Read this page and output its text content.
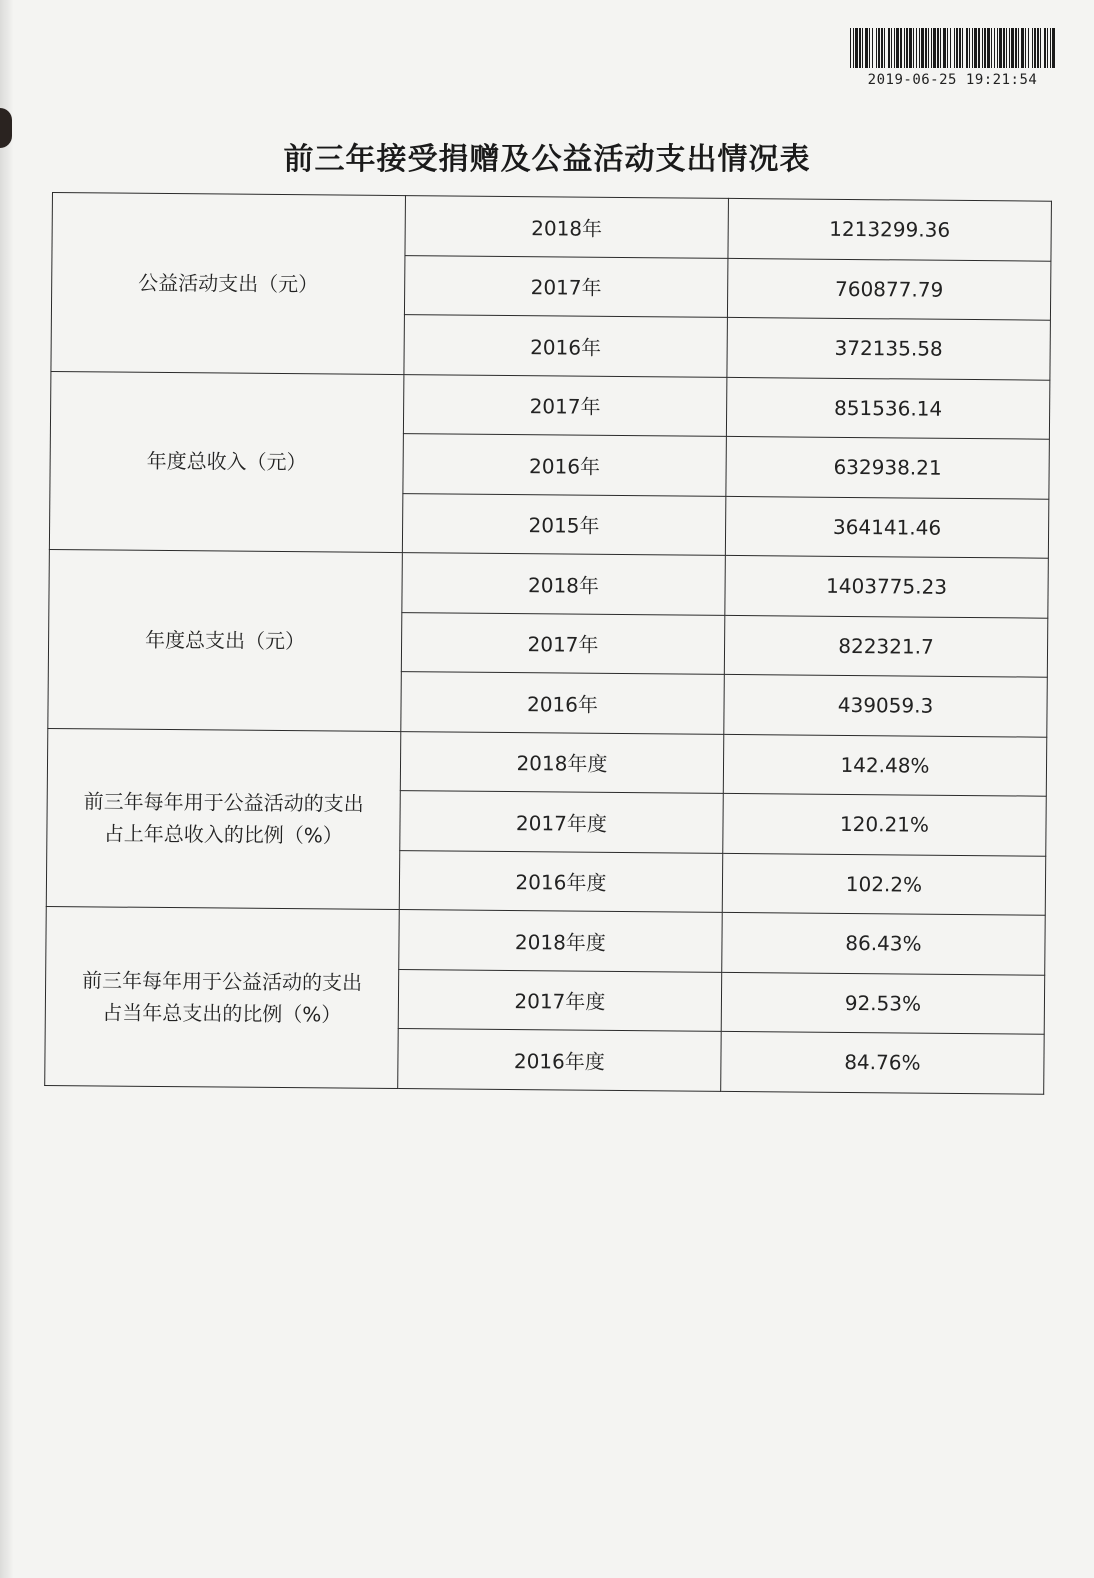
2019-06-25 19:21:54
前三年接受捐赠及公益活动支出情况表
公益活动支出（元）	2018年	1213299.36
	2017年	760877.79
	2016年	372135.58

年度总收入（元）	2017年	851536.14
	2016年	632938.21
	2015年	364141.46

年度总支出（元）	2018年	1403775.23
	2017年	822321.7
	2016年	439059.3

前三年每年用于公益活动的支出
占上年总收入的比例（%）	2018年度	142.48%
	2017年度	120.21%
	2016年度	102.2%

前三年每年用于公益活动的支出
占当年总支出的比例（%）	2018年度	86.43%
	2017年度	92.53%
	2016年度	84.76%
